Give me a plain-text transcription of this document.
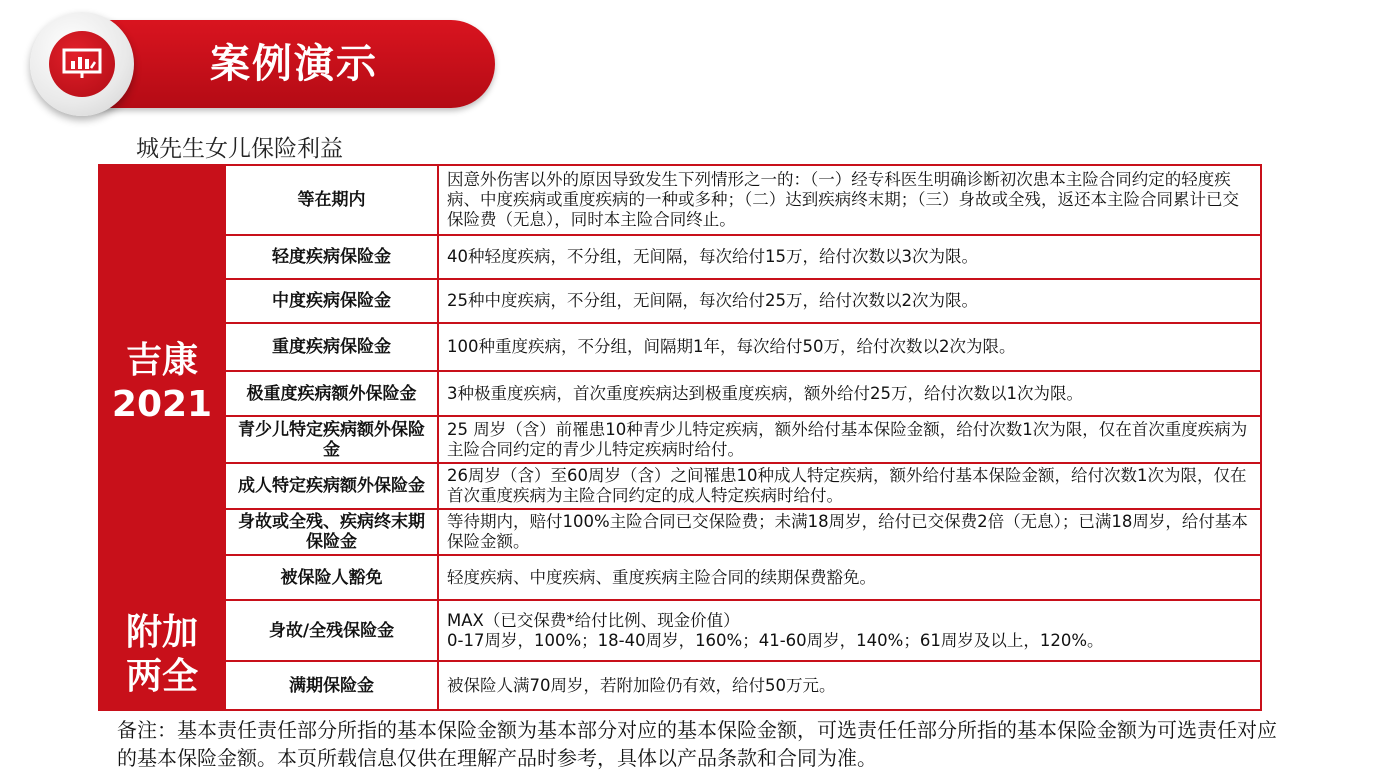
案例演示
城先生女儿保险利益
吉康
2021	等在期内	因意外伤害以外的原因导致发生下列情形之一的：（一）经专科医生明确诊断初次患本主险合同约定的轻度疾病、中度疾病或重度疾病的一种或多种；（二）达到疾病终末期；（三）身故或全残，返还本主险合同累计已交保险费（无息），同时本主险合同终止。
	轻度疾病保险金	40种轻度疾病，不分组，无间隔，每次给付15万，给付次数以3次为限。
	中度疾病保险金	25种中度疾病，不分组，无间隔，每次给付25万，给付次数以2次为限。
	重度疾病保险金	100种重度疾病，不分组，间隔期1年，每次给付50万，给付次数以2次为限。
	极重度疾病额外保险金	3种极重度疾病，首次重度疾病达到极重度疾病，额外给付25万，给付次数以1次为限。
	青少儿特定疾病额外保险金	25 周岁（含）前罹患10种青少儿特定疾病，额外给付基本保险金额，给付次数1次为限，仅在首次重度疾病为主险合同约定的青少儿特定疾病时给付。
	成人特定疾病额外保险金	26周岁（含）至60周岁（含）之间罹患10种成人特定疾病，额外给付基本保险金额，给付次数1次为限，仅在首次重度疾病为主险合同约定的成人特定疾病时给付。
	身故或全残、疾病终末期保险金	等待期内，赔付100%主险合同已交保险费；未满18周岁，给付已交保费2倍（无息）；已满18周岁，给付基本保险金额。
	被保险人豁免	轻度疾病、中度疾病、重度疾病主险合同的续期保费豁免。

附加
两全	身故/全残保险金	MAX（已交保费*给付比例、现金价值）
0-17周岁，100%；18-40周岁，160%；41-60周岁，140%；61周岁及以上，120%。
	满期保险金	被保险人满70周岁，若附加险仍有效，给付50万元。
备注：基本责任责任部分所指的基本保险金额为基本部分对应的基本保险金额，可选责任任部分所指的基本保险金额为可选责任对应的基本保险金额。本页所载信息仅供在理解产品时参考，具体以产品条款和合同为准。
